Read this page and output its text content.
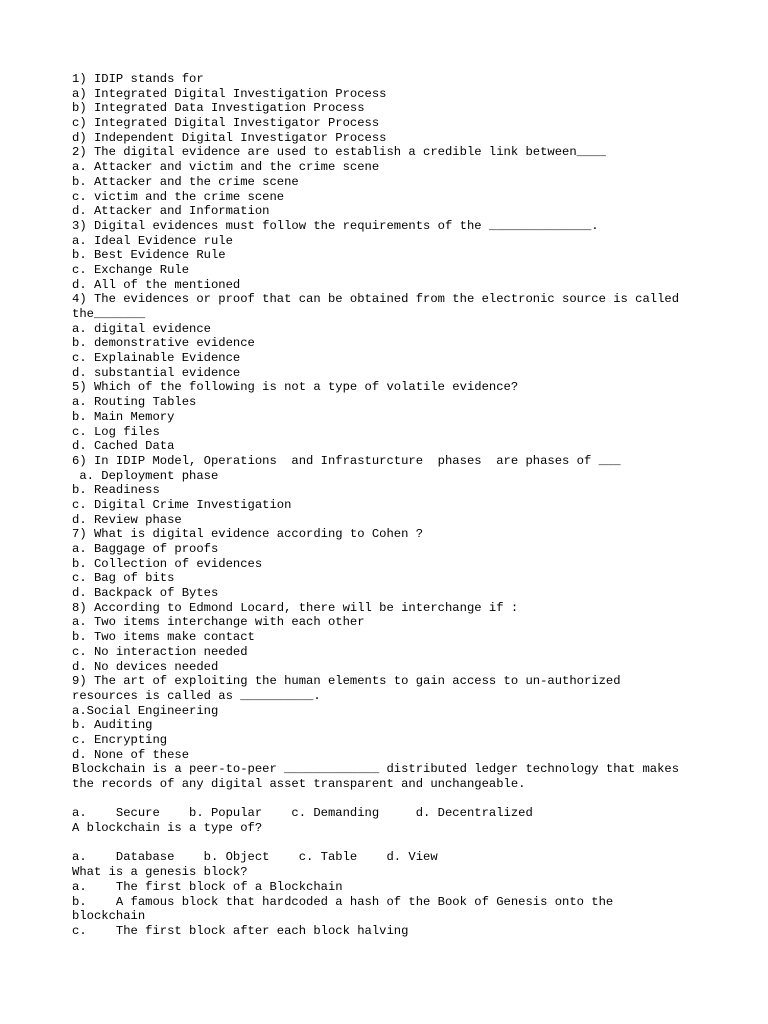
1) IDIP stands for
a) Integrated Digital Investigation Process
b) Integrated Data Investigation Process
c) Integrated Digital Investigator Process
d) Independent Digital Investigator Process
2) The digital evidence are used to establish a credible link between____
a. Attacker and victim and the crime scene
b. Attacker and the crime scene
c. victim and the crime scene
d. Attacker and Information
3) Digital evidences must follow the requirements of the ______________.
a. Ideal Evidence rule
b. Best Evidence Rule
c. Exchange Rule
d. All of the mentioned
4) The evidences or proof that can be obtained from the electronic source is called
the_______
a. digital evidence
b. demonstrative evidence
c. Explainable Evidence
d. substantial evidence
5) Which of the following is not a type of volatile evidence?
a. Routing Tables
b. Main Memory
c. Log files
d. Cached Data
6) In IDIP Model, Operations  and Infrasturcture  phases  are phases of ___
a. Deployment phase
b. Readiness
c. Digital Crime Investigation
d. Review phase
7) What is digital evidence according to Cohen ?
a. Baggage of proofs
b. Collection of evidences
c. Bag of bits
d. Backpack of Bytes
8) According to Edmond Locard, there will be interchange if :
a. Two items interchange with each other
b. Two items make contact
c. No interaction needed
d. No devices needed
9) The art of exploiting the human elements to gain access to un-authorized
resources is called as __________.
a.Social Engineering
b. Auditing
c. Encrypting
d. None of these
Blockchain is a peer-to-peer _____________ distributed ledger technology that makes
the records of any digital asset transparent and unchangeable.
a.    Secure    b. Popular    c. Demanding     d. Decentralized
A blockchain is a type of?
a.    Database    b. Object    c. Table    d. View
What is a genesis block?
a.    The first block of a Blockchain
b.    A famous block that hardcoded a hash of the Book of Genesis onto the
blockchain
c.    The first block after each block halving
